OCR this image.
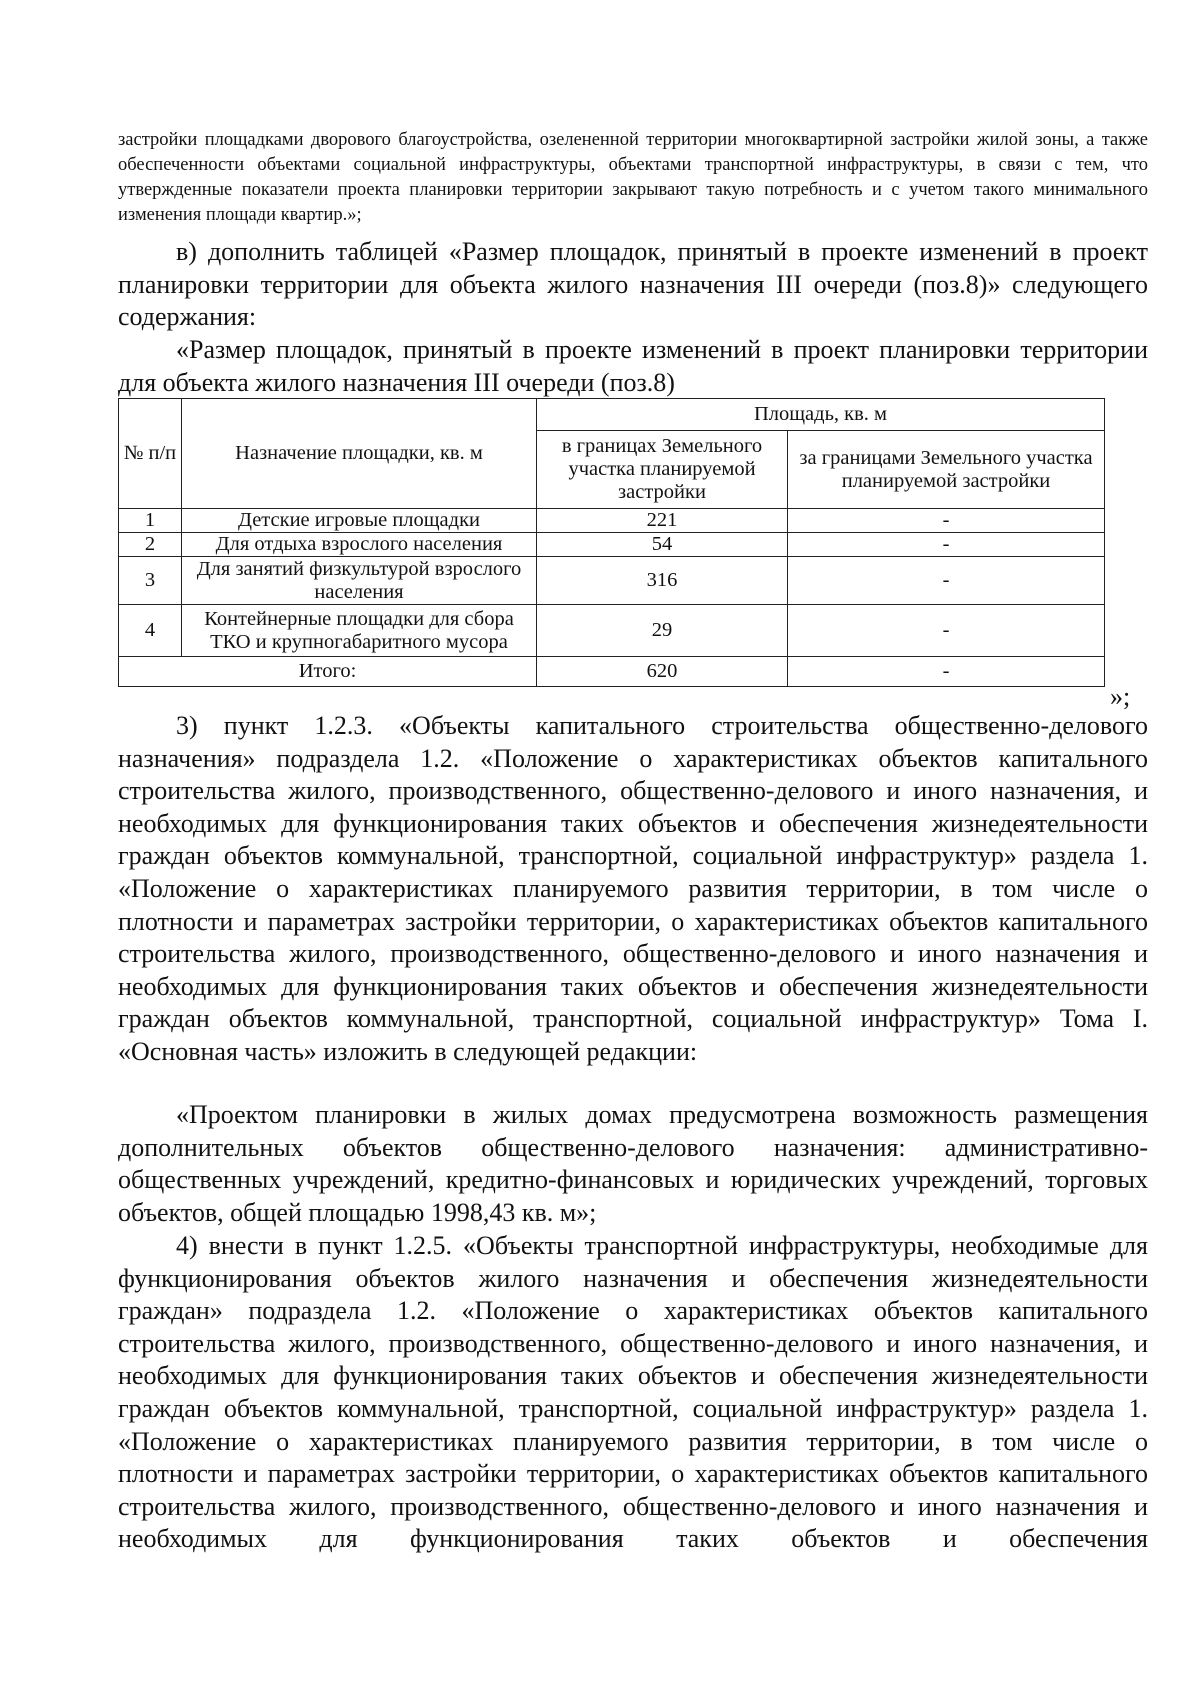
застройки площадками дворового благоустройства, озелененной территории многоквартирной застройки жилой зоны, а также обеспеченности объектами социальной инфраструктуры, объектами транспортной инфраструктуры, в связи с тем, что утвержденные показатели проекта планировки территории закрывают такую потребность и с учетом такого минимального изменения площади квартир.»;

в) дополнить таблицей «Размер площадок, принятый в проекте изменений в проект планировки территории для объекта жилого назначения III очереди (поз.8)» следующего содержания:

«Размер площадок, принятый в проекте изменений в проект планировки территории для объекта жилого назначения III очереди (поз.8)

№ п/п	Назначение площадки, кв. м	Площадь, кв. м	
		в границах Земельного участка планируемой застройки	за границами Земельного участка планируемой застройки
1	Детские игровые площадки	221	-
2	Для отдыха взрослого населения	54	-
3	Для занятий физкультурой взрослого населения	316	-
4	Контейнерные площадки для сбора ТКО и крупногабаритного мусора	29	-
Итого:		620	-
»;

3) пункт 1.2.3. «Объекты капитального строительства общественно-делового назначения» подраздела 1.2. «Положение о характеристиках объектов капитального строительства жилого, производственного, общественно-делового и иного назначения, и необходимых для функционирования таких объектов и обеспечения жизнедеятельности граждан объектов коммунальной, транспортной, социальной инфраструктур» раздела 1. «Положение о характеристиках планируемого развития территории, в том числе о плотности и параметрах застройки территории, о характеристиках объектов капитального строительства жилого, производственного, общественно-делового и иного назначения и необходимых для функционирования таких объектов и обеспечения жизнедеятельности граждан объектов коммунальной, транспортной, социальной инфраструктур» Тома I. «Основная часть» изложить в следующей редакции:

«Проектом планировки в жилых домах предусмотрена возможность размещения дополнительных объектов общественно-делового назначения: административно-общественных учреждений, кредитно-финансовых и юридических учреждений, торговых объектов, общей площадью 1998,43 кв. м»;

4) внести в пункт 1.2.5. «Объекты транспортной инфраструктуры, необходимые для функционирования объектов жилого назначения и обеспечения жизнедеятельности граждан» подраздела 1.2. «Положение о характеристиках объектов капитального строительства жилого, производственного, общественно-делового и иного назначения, и необходимых для функционирования таких объектов и обеспечения жизнедеятельности граждан объектов коммунальной, транспортной, социальной инфраструктур» раздела 1. «Положение о характеристиках планируемого развития территории, в том числе о плотности и параметрах застройки территории, о характеристиках объектов капитального строительства жилого, производственного, общественно-делового и иного назначения и необходимых для функционирования таких объектов и обеспечения
